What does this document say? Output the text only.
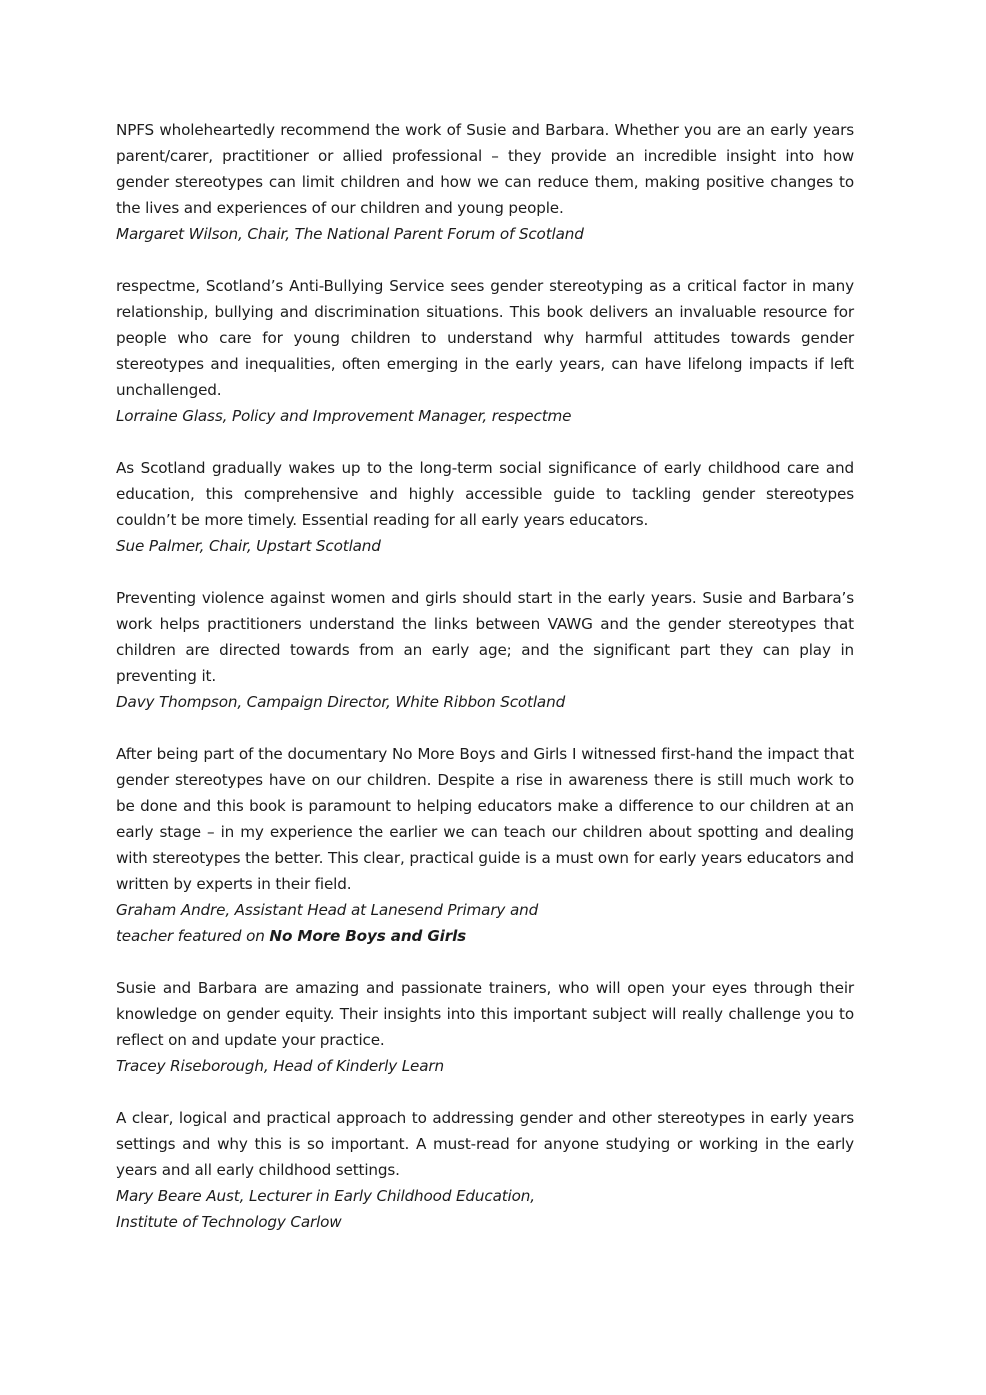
NPFS wholeheartedly recommend the work of Susie and Barbara. Whether you are an early years parent/carer, practitioner or allied professional – they provide an incredible insight into how gender stereotypes can limit children and how we can reduce them, making positive changes to the lives and experiences of our children and young people.

Margaret Wilson, Chair, The National Parent Forum of Scotland

respectme, Scotland’s Anti-Bullying Service sees gender stereotyping as a critical factor in many relationship, bullying and discrimination situations. This book delivers an invaluable resource for people who care for young children to understand why harmful attitudes towards gender stereotypes and inequalities, often emerging in the early years, can have lifelong impacts if left unchallenged.

Lorraine Glass, Policy and Improvement Manager, respectme

As Scotland gradually wakes up to the long-term social significance of early childhood care and education, this comprehensive and highly accessible guide to tackling gender stereotypes couldn’t be more timely. Essential reading for all early years educators.

Sue Palmer, Chair, Upstart Scotland

Preventing violence against women and girls should start in the early years. Susie and Barbara’s work helps practitioners understand the links between VAWG and the gender stereotypes that children are directed towards from an early age; and the significant part they can play in preventing it.

Davy Thompson, Campaign Director, White Ribbon Scotland

After being part of the documentary No More Boys and Girls I witnessed first-hand the impact that gender stereotypes have on our children. Despite a rise in awareness there is still much work to be done and this book is paramount to helping educators make a difference to our children at an early stage – in my experience the earlier we can teach our children about spotting and dealing with stereotypes the better. This clear, practical guide is a must own for early years educators and written by experts in their field.

Graham Andre, Assistant Head at Lanesend Primary and

teacher featured on No More Boys and Girls

Susie and Barbara are amazing and passionate trainers, who will open your eyes through their knowledge on gender equity. Their insights into this important subject will really challenge you to reflect on and update your practice.

Tracey Riseborough, Head of Kinderly Learn

A clear, logical and practical approach to addressing gender and other stereotypes in early years settings and why this is so important. A must-read for anyone studying or working in the early years and all early childhood settings.

Mary Beare Aust, Lecturer in Early Childhood Education,

Institute of Technology Carlow
